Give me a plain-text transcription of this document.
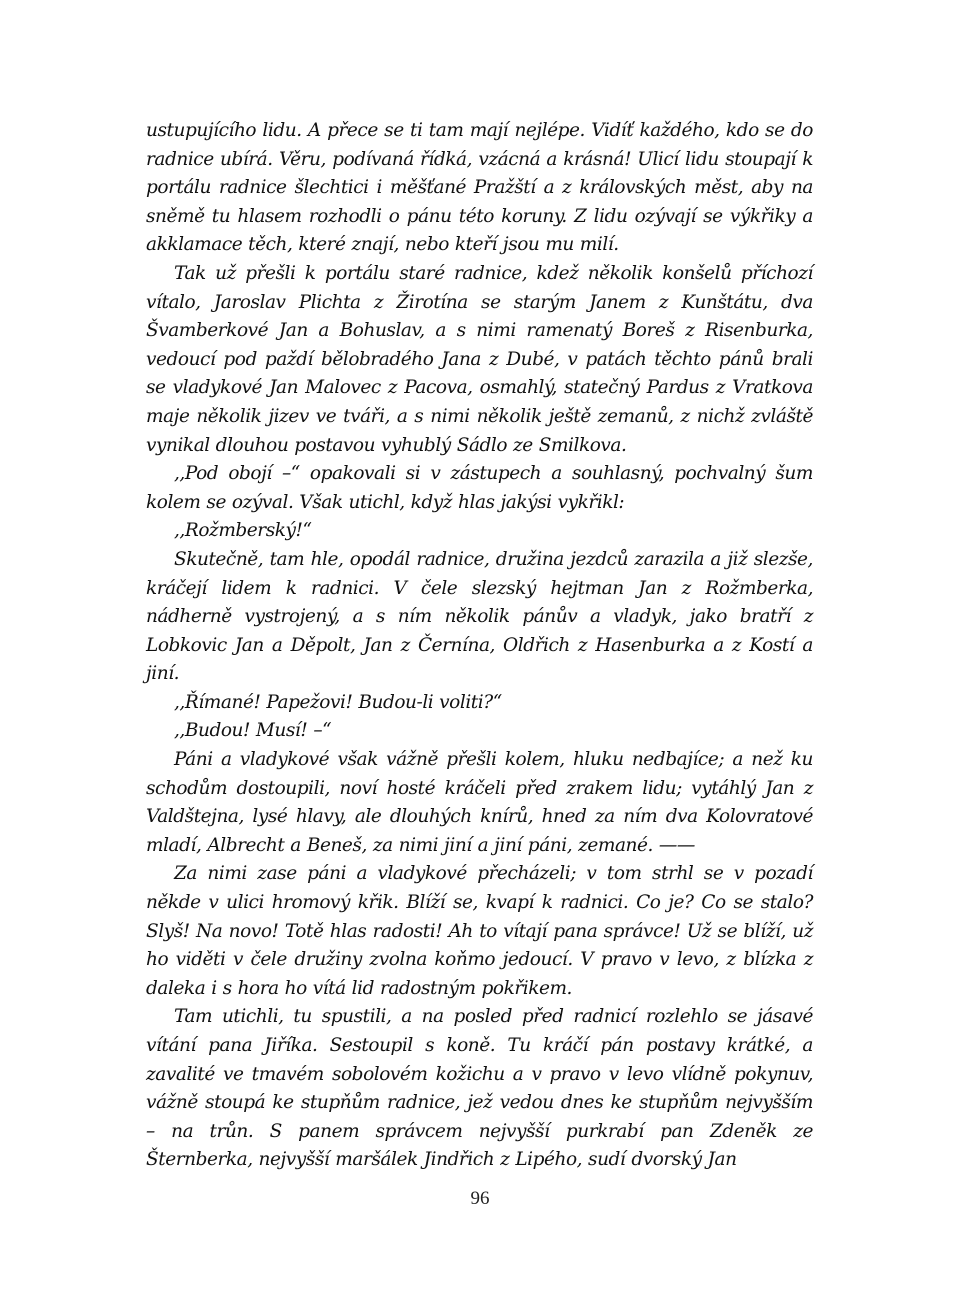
ustupujícího lidu. A přece se ti tam mají nejlépe. Vidíť každého, kdo se do radnice ubírá. Věru, podívaná řídká, vzácná a krásná! Ulicí lidu stoupají k portálu radnice šlechtici i měšťané Pražští a z královských měst, aby na sněmě tu hlasem rozhodli o pánu této koruny. Z lidu ozývají se výkřiky a akklamace těch, které znají, nebo kteří jsou mu milí.

Tak už přešli k portálu staré radnice, kdež několik konšelů příchozí vítalo, Jaroslav Plichta z Žirotína se starým Janem z Kunštátu, dva Švamberkové Jan a Bohuslav, a s nimi ramenatý Boreš z Risenburka, vedoucí pod paždí bělobradého Jana z Dubé, v patách těchto pánů brali se vladykové Jan Malovec z Pacova, osmahlý, statečný Pardus z Vratkova maje několik jizev ve tváři, a s nimi několik ještě zemanů, z nichž zvláště vynikal dlouhou postavou vyhublý Sádlo ze Smilkova.

,,Pod obojí –“ opakovali si v zástupech a souhlasný, pochvalný šum kolem se ozýval. Však utichl, když hlas jakýsi vykřikl:

,,Rožmberský!“

Skutečně, tam hle, opodál radnice, družina jezdců zarazila a již slezše, kráčejí lidem k radnici. V čele slezský hejtman Jan z Rožmberka, nádherně vystrojený, a s ním několik pánův a vladyk, jako bratří z Lobkovic Jan a Děpolt, Jan z Černína, Oldřich z Hasenburka a z Kostí a jiní.

,,Římané! Papežovi! Budou-li voliti?“

,,Budou! Musí! –“

Páni a vladykové však vážně přešli kolem, hluku nedbajíce; a než ku schodům dostoupili, noví hosté kráčeli před zrakem lidu; vytáhlý Jan z Valdštejna, lysé hlavy, ale dlouhých knírů, hned za ním dva Kolovratové mladí, Albrecht a Beneš, za nimi jiní a jiní páni, zemané. ——

Za nimi zase páni a vladykové přecházeli; v tom strhl se v pozadí někde v ulici hromový křik. Blíží se, kvapí k radnici. Co je? Co se stalo? Slyš! Na novo! Totě hlas radosti! Ah to vítají pana správce! Už se blíží, už ho viděti v čele družiny zvolna koňmo jedoucí. V pravo v levo, z blízka z daleka i s hora ho vítá lid radostným pokřikem.

Tam utichli, tu spustili, a na posled před radnicí rozlehlo se jásavé vítání pana Jiříka. Sestoupil s koně. Tu kráčí pán postavy krátké, a zavalité ve tmavém sobolovém kožichu a v pravo v levo vlídně pokynuv, vážně stoupá ke stupňům radnice, jež vedou dnes ke stupňům nejvyšším – na trůn. S panem správcem nejvyšší purkrabí pan Zdeněk ze Šternberka, nejvyšší maršálek Jindřich z Lipého, sudí dvorský Jan

96
